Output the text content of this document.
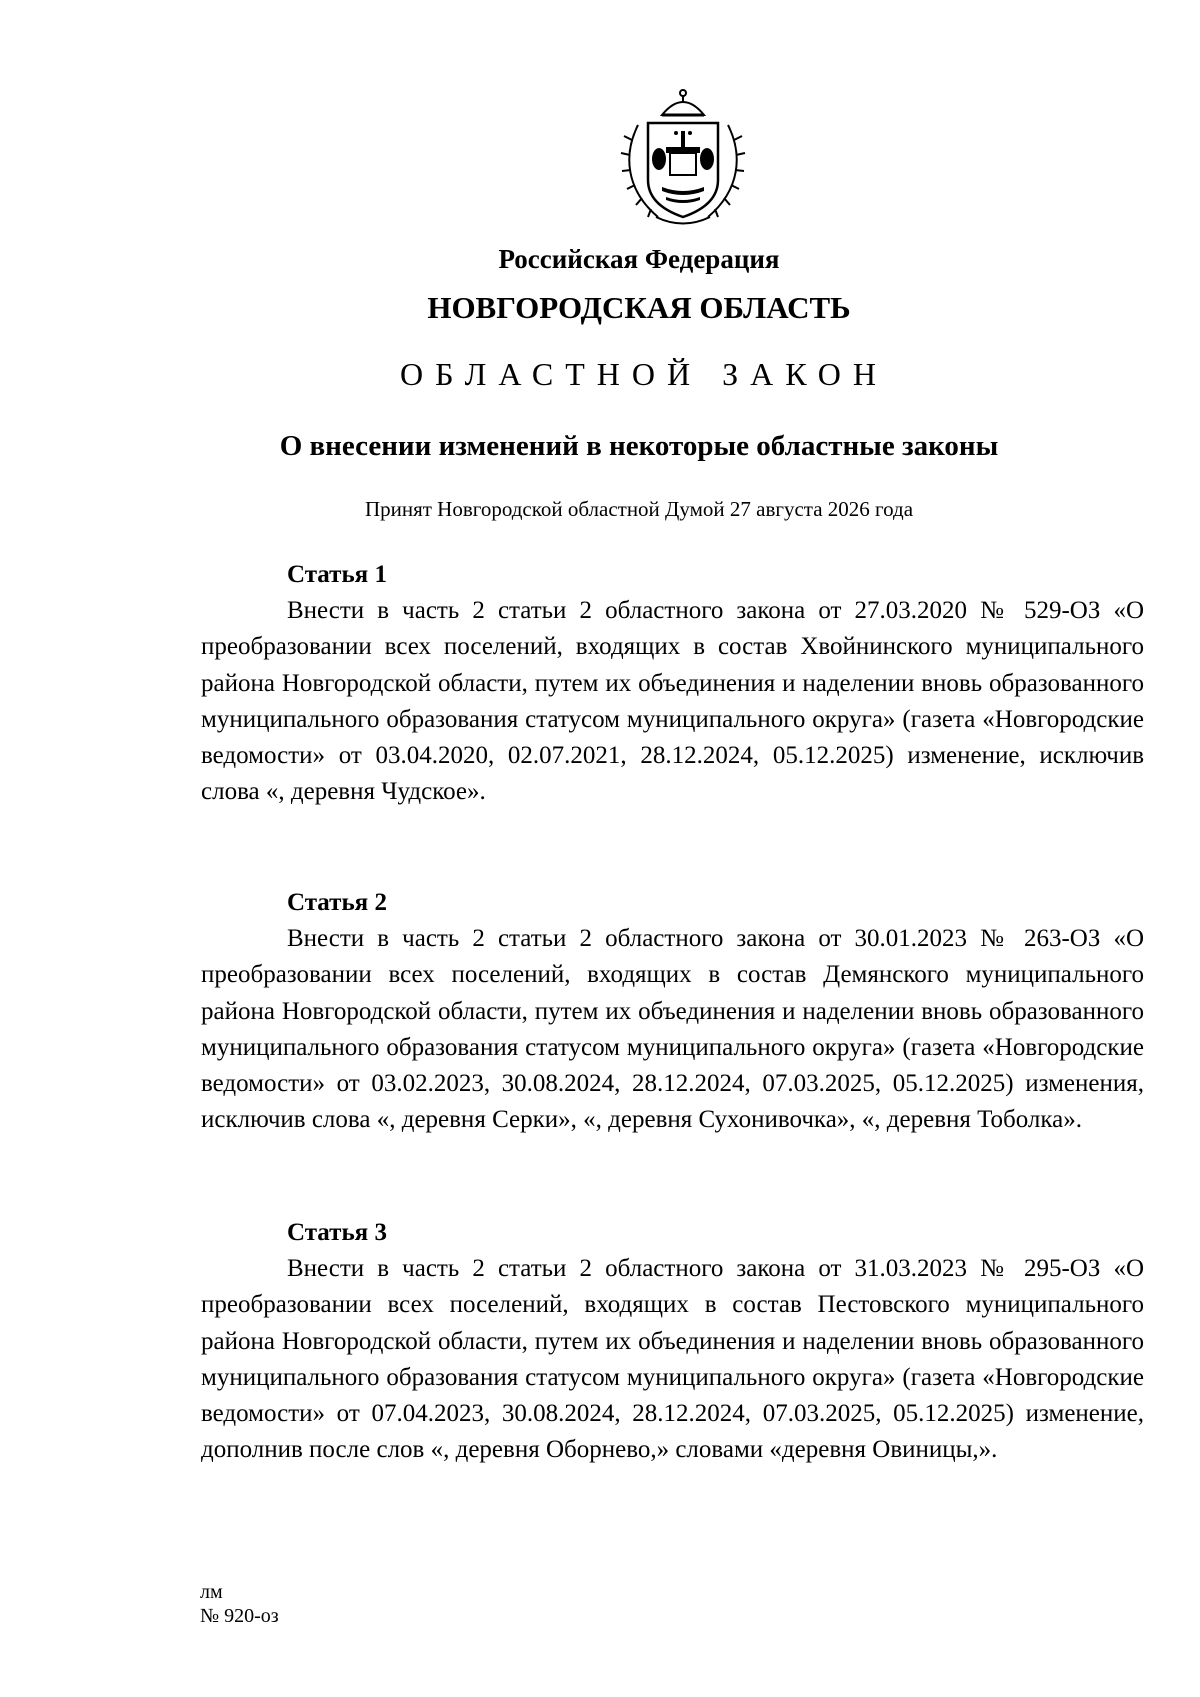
Российская Федерация
НОВГОРОДСКАЯ ОБЛАСТЬ
ОБЛАСТНОЙ ЗАКОН
О внесении изменений в некоторые областные законы
Принят Новгородской областной Думой 27 августа 2026 года
Статья 1

Внести в часть 2 статьи 2 областного закона от 27.03.2020 № 529-ОЗ «О преобразовании всех поселений, входящих в состав Хвойнинского муниципального района Новгородской области, путем их объединения и наделении вновь образованного муниципального образования статусом муниципального округа» (газета «Новгородские ведомости» от 03.04.2020, 02.07.2021, 28.12.2024, 05.12.2025) изменение, исключив слова «, деревня Чудское».

Статья 2

Внести в часть 2 статьи 2 областного закона от 30.01.2023 № 263-ОЗ «О преобразовании всех поселений, входящих в состав Демянского муниципального района Новгородской области, путем их объединения и наделении вновь образованного муниципального образования статусом муниципального округа» (газета «Новгородские ведомости» от 03.02.2023, 30.08.2024, 28.12.2024, 07.03.2025, 05.12.2025) изменения, исключив слова «, деревня Серки», «, деревня Сухонивочка», «, деревня Тоболка».

Статья 3

Внести в часть 2 статьи 2 областного закона от 31.03.2023 № 295-ОЗ «О преобразовании всех поселений, входящих в состав Пестовского муниципального района Новгородской области, путем их объединения и наделении вновь образованного муниципального образования статусом муниципального округа» (газета «Новгородские ведомости» от 07.04.2023, 30.08.2024, 28.12.2024, 07.03.2025, 05.12.2025) изменение, дополнив после слов «, деревня Оборнево,» словами «деревня Овиницы,».

лм
№ 920-оз
